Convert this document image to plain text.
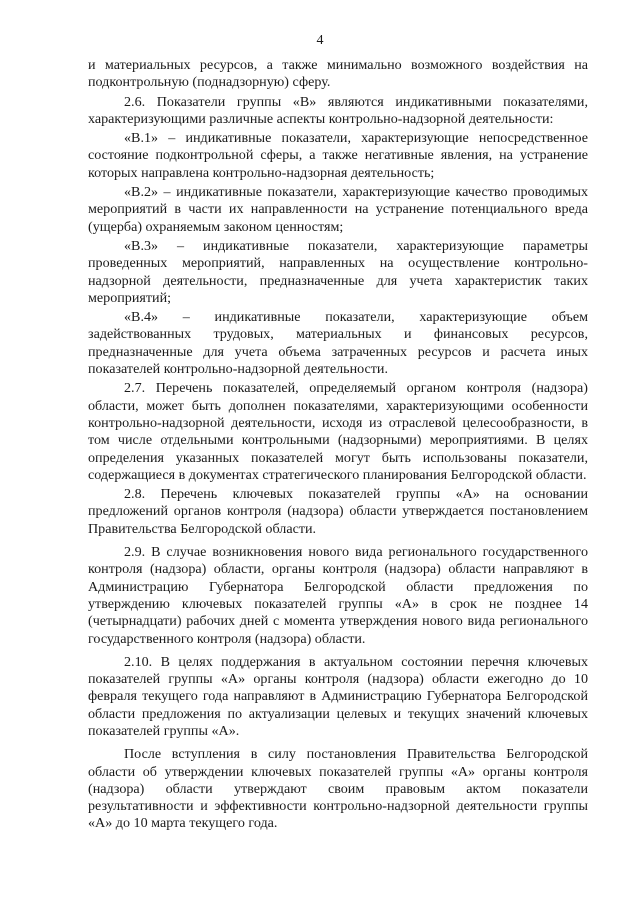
4

и материальных ресурсов, а также минимально возможного воздействия на подконтрольную (поднадзорную) сферу.

2.6. Показатели группы «В» являются индикативными показателями, характеризующими различные аспекты контрольно-надзорной деятельности:

«В.1» – индикативные показатели, характеризующие непосредственное состояние подконтрольной сферы, а также негативные явления, на устранение которых направлена контрольно-надзорная деятельность;

«В.2» – индикативные показатели, характеризующие качество проводимых мероприятий в части их направленности на устранение потенциального вреда (ущерба) охраняемым законом ценностям;

«В.3» – индикативные показатели, характеризующие параметры проведенных мероприятий, направленных на осуществление контрольно-надзорной деятельности, предназначенные для учета характеристик таких мероприятий;

«В.4» – индикативные показатели, характеризующие объем задействованных трудовых, материальных и финансовых ресурсов, предназначенные для учета объема затраченных ресурсов и расчета иных показателей контрольно-надзорной деятельности.

2.7. Перечень показателей, определяемый органом контроля (надзора) области, может быть дополнен показателями, характеризующими особенности контрольно-надзорной деятельности, исходя из отраслевой целесообразности, в том числе отдельными контрольными (надзорными) мероприятиями. В целях определения указанных показателей могут быть использованы показатели, содержащиеся в документах стратегического планирования Белгородской области.

2.8. Перечень ключевых показателей группы «А» на основании предложений органов контроля (надзора) области утверждается постановлением Правительства Белгородской области.

2.9. В случае возникновения нового вида регионального государственного контроля (надзора) области, органы контроля (надзора) области направляют в Администрацию Губернатора Белгородской области предложения по утверждению ключевых показателей группы «А» в срок не позднее 14 (четырнадцати) рабочих дней с момента утверждения нового вида регионального государственного контроля (надзора) области.

2.10. В целях поддержания в актуальном состоянии перечня ключевых показателей группы «А» органы контроля (надзора) области ежегодно до 10 февраля текущего года направляют в Администрацию Губернатора Белгородской области предложения по актуализации целевых и текущих значений ключевых показателей группы «А».

После вступления в силу постановления Правительства Белгородской области об утверждении ключевых показателей группы «А» органы контроля (надзора) области утверждают своим правовым актом показатели результативности и эффективности контрольно-надзорной деятельности группы «А» до 10 марта текущего года.
